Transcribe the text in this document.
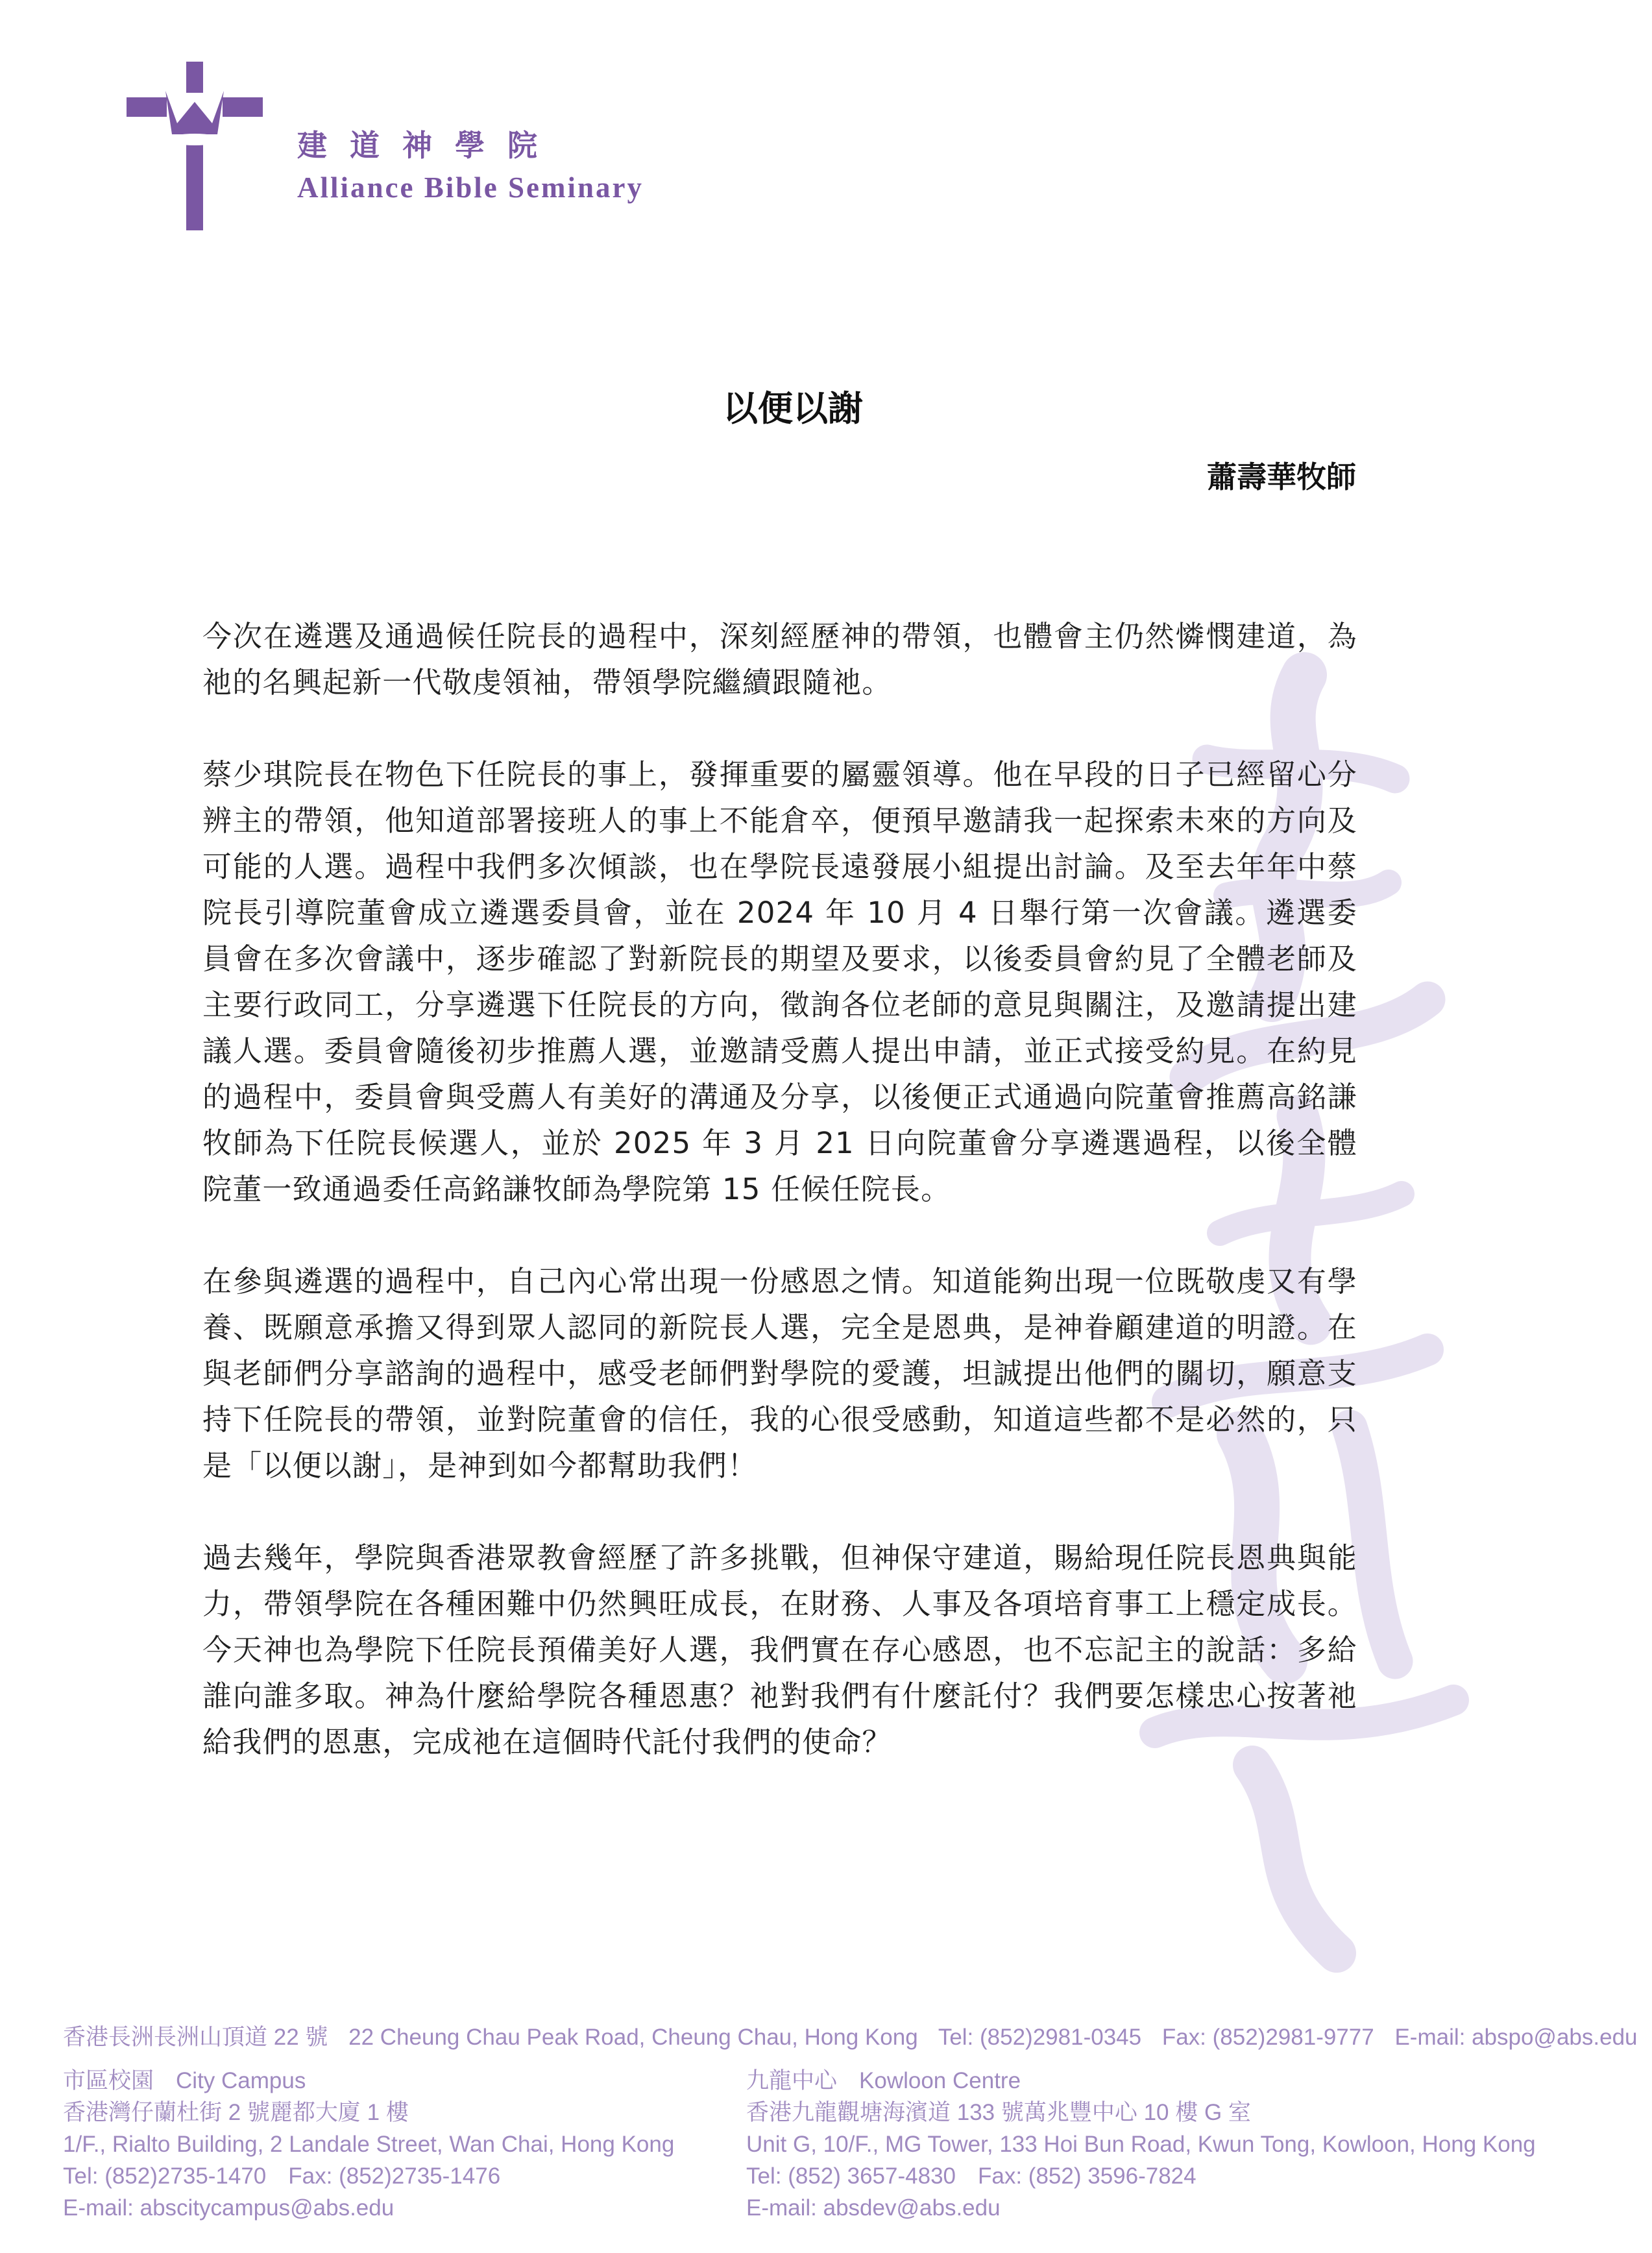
建道神學院
Alliance Bible Seminary
以便以謝
蕭壽華牧師

今次在遴選及通過候任院長的過程中，深刻經歷神的帶領，也體會主仍然憐憫建道，為祂的名興起新一代敬虔領袖，帶領學院繼續跟隨祂。

蔡少琪院長在物色下任院長的事上，發揮重要的屬靈領導。他在早段的日子已經留心分辨主的帶領，他知道部署接班人的事上不能倉卒，便預早邀請我一起探索未來的方向及可能的人選。過程中我們多次傾談，也在學院長遠發展小組提出討論。及至去年年中蔡院長引導院董會成立遴選委員會，並在 2024 年 10 月 4 日舉行第一次會議。遴選委員會在多次會議中，逐步確認了對新院長的期望及要求，以後委員會約見了全體老師及主要行政同工，分享遴選下任院長的方向，徵詢各位老師的意見與關注，及邀請提出建議人選。委員會隨後初步推薦人選，並邀請受薦人提出申請，並正式接受約見。在約見的過程中，委員會與受薦人有美好的溝通及分享，以後便正式通過向院董會推薦高銘謙牧師為下任院長候選人，並於 2025 年 3 月 21 日向院董會分享遴選過程，以後全體院董一致通過委任高銘謙牧師為學院第 15 任候任院長。

在參與遴選的過程中，自己內心常出現一份感恩之情。知道能夠出現一位既敬虔又有學養、既願意承擔又得到眾人認同的新院長人選，完全是恩典，是神眷顧建道的明證。在與老師們分享諮詢的過程中，感受老師們對學院的愛護，坦誠提出他們的關切，願意支持下任院長的帶領，並對院董會的信任，我的心很受感動，知道這些都不是必然的，只是「以便以謝」，是神到如今都幫助我們！

過去幾年，學院與香港眾教會經歷了許多挑戰，但神保守建道，賜給現任院長恩典與能力，帶領學院在各種困難中仍然興旺成長，在財務、人事及各項培育事工上穩定成長。今天神也為學院下任院長預備美好人選，我們實在存心感恩，也不忘記主的說話：多給誰向誰多取。神為什麼給學院各種恩惠？祂對我們有什麼託付？我們要怎樣忠心按著祂給我們的恩惠，完成祂在這個時代託付我們的使命？

香港長洲長洲山頂道 22 號 22 Cheung Chau Peak Road, Cheung Chau, Hong Kong Tel: (852)2981-0345 Fax: (852)2981-9777 E-mail: abspo@abs.edu
市區校園 City Campus
香港灣仔蘭杜街 2 號麗都大廈 1 樓
1/F., Rialto Building, 2 Landale Street, Wan Chai, Hong Kong
Tel: (852)2735-1470 Fax: (852)2735-1476
E-mail: abscitycampus@abs.edu
九龍中心 Kowloon Centre
香港九龍觀塘海濱道 133 號萬兆豐中心 10 樓 G 室
Unit G, 10/F., MG Tower, 133 Hoi Bun Road, Kwun Tong, Kowloon, Hong Kong
Tel: (852) 3657-4830 Fax: (852) 3596-7824
E-mail: absdev@abs.edu
